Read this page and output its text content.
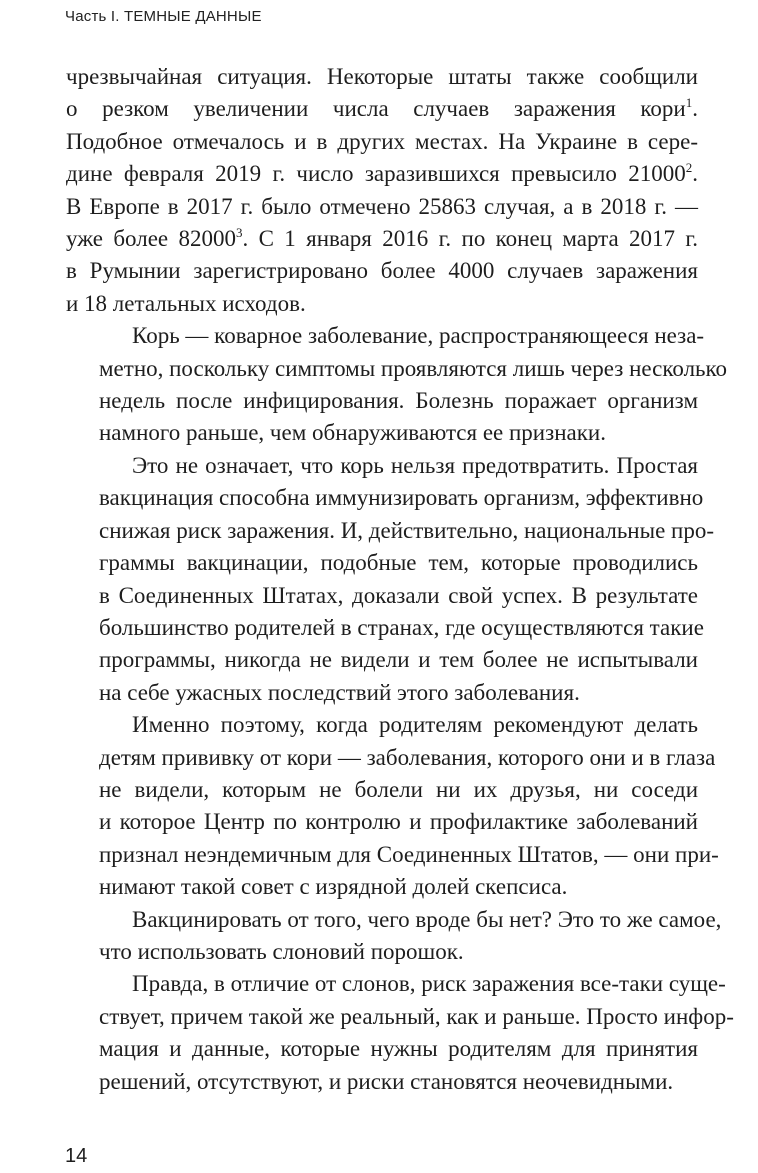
Часть I. ТЕМНЫЕ ДАННЫЕ
чрезвычайная ситуация. Некоторые штаты также сообщили
о резком увеличении числа случаев заражения кори$^1$.
Подобное отмечалось и в других местах. На Украине в сере-
дине февраля 2019 г. число заразившихся превысило 21000$^2$.
В Европе в 2017 г. было отмечено 25863 случая, а в 2018 г. —
уже более 82000$^3$. С 1 января 2016 г. по конец марта 2017 г.
в Румынии зарегистрировано более 4000 случаев заражения
и 18 летальных исходов.
Корь — коварное заболевание, распространяющееся неза-
метно, поскольку симптомы проявляются лишь через несколько
недель после инфицирования. Болезнь поражает организм
намного раньше, чем обнаруживаются ее признаки.
Это не означает, что корь нельзя предотвратить. Простая
вакцинация способна иммунизировать организм, эффективно
снижая риск заражения. И, действительно, национальные про-
граммы вакцинации, подобные тем, которые проводились
в Соединенных Штатах, доказали свой успех. В результате
большинство родителей в странах, где осуществляются такие
программы, никогда не видели и тем более не испытывали
на себе ужасных последствий этого заболевания.
Именно поэтому, когда родителям рекомендуют делать
детям прививку от кори — заболевания, которого они и в глаза
не видели, которым не болели ни их друзья, ни соседи
и которое Центр по контролю и профилактике заболеваний
признал неэндемичным для Соединенных Штатов, — они при-
нимают такой совет с изрядной долей скепсиса.
Вакцинировать от того, чего вроде бы нет? Это то же самое,
что использовать слоновий порошок.
Правда, в отличие от слонов, риск заражения все-таки суще-
ствует, причем такой же реальный, как и раньше. Просто инфор-
мация и данные, которые нужны родителям для принятия
решений, отсутствуют, и риски становятся неочевидными.
14
